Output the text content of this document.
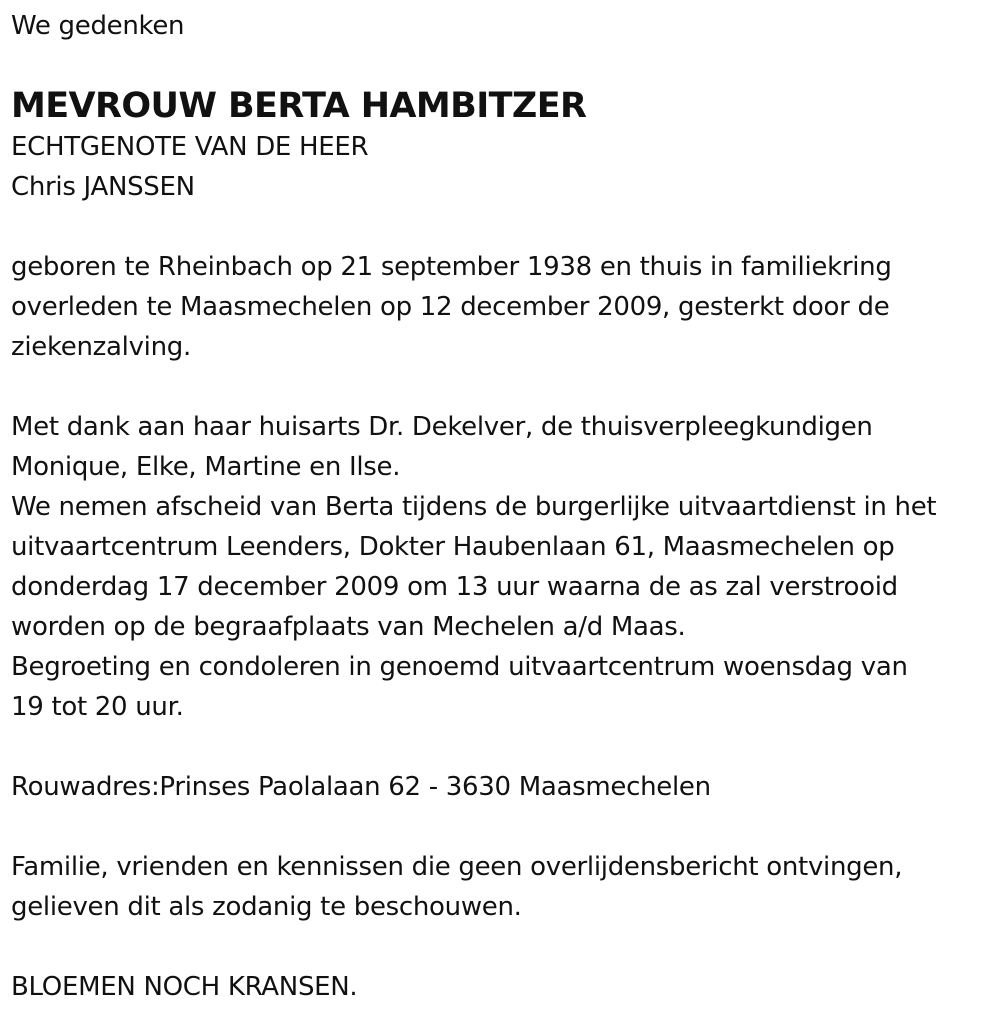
We gedenken
MEVROUW BERTA HAMBITZER
ECHTGENOTE VAN DE HEER
Chris JANSSEN
geboren te Rheinbach op 21 september 1938 en thuis in familiekring
overleden te Maasmechelen op 12 december 2009, gesterkt door de
ziekenzalving.
Met dank aan haar huisarts Dr. Dekelver, de thuisverpleegkundigen
Monique, Elke, Martine en Ilse.
We nemen afscheid van Berta tijdens de burgerlijke uitvaartdienst in het
uitvaartcentrum Leenders, Dokter Haubenlaan 61, Maasmechelen op
donderdag 17 december 2009 om 13 uur waarna de as zal verstrooid
worden op de begraafplaats van Mechelen a/d Maas.
Begroeting en condoleren in genoemd uitvaartcentrum woensdag van
19 tot 20 uur.
Rouwadres:Prinses Paolalaan 62 - 3630 Maasmechelen
Familie, vrienden en kennissen die geen overlijdensbericht ontvingen,
gelieven dit als zodanig te beschouwen.
BLOEMEN NOCH KRANSEN.
